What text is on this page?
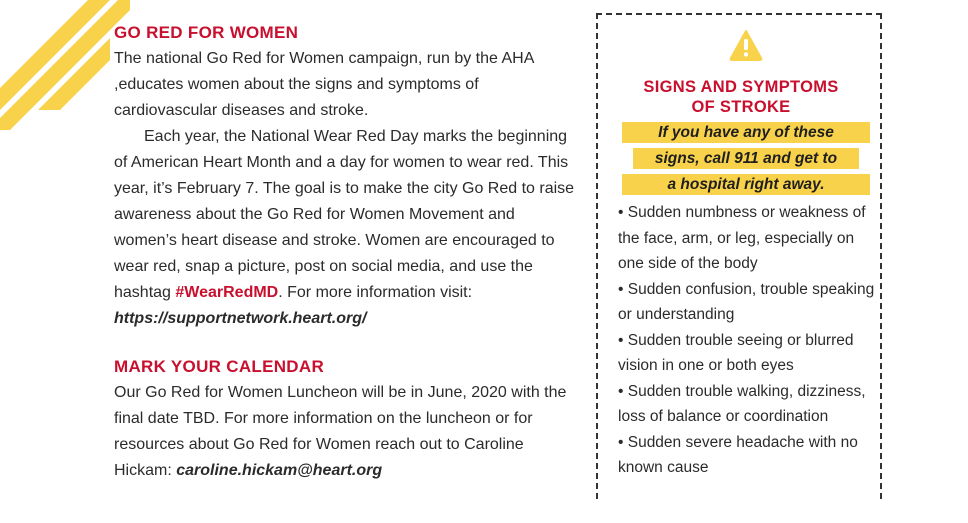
GO RED FOR WOMEN

The national Go Red for Women campaign, run by the AHA ,educates women about the signs and symptoms of cardiovascular diseases and stroke.

Each year, the National Wear Red Day marks the beginning of American Heart Month and a day for women to wear red. This year, it’s February 7. The goal is to make the city Go Red to raise awareness about the Go Red for Women Movement and women’s heart disease and stroke. Women are encouraged to wear red, snap a picture, post on social media, and use the hashtag #WearRedMD. For more information visit: https://supportnetwork.heart.org/

MARK YOUR CALENDAR

Our Go Red for Women Luncheon will be in June, 2020 with the final date TBD. For more information on the luncheon or for resources about Go Red for Women reach out to Caroline Hickam: caroline.hickam@heart.org

SIGNS AND SYMPTOMS
OF STROKE
If you have any of these
signs, call 911 and get to
a hospital right away.
• Sudden numbness or weakness of the face, arm, or leg, especially on one side of the body
• Sudden confusion, trouble speaking or understanding
• Sudden trouble seeing or blurred vision in one or both eyes
• Sudden trouble walking, dizziness, loss of balance or coordination
• Sudden severe headache with no known cause
